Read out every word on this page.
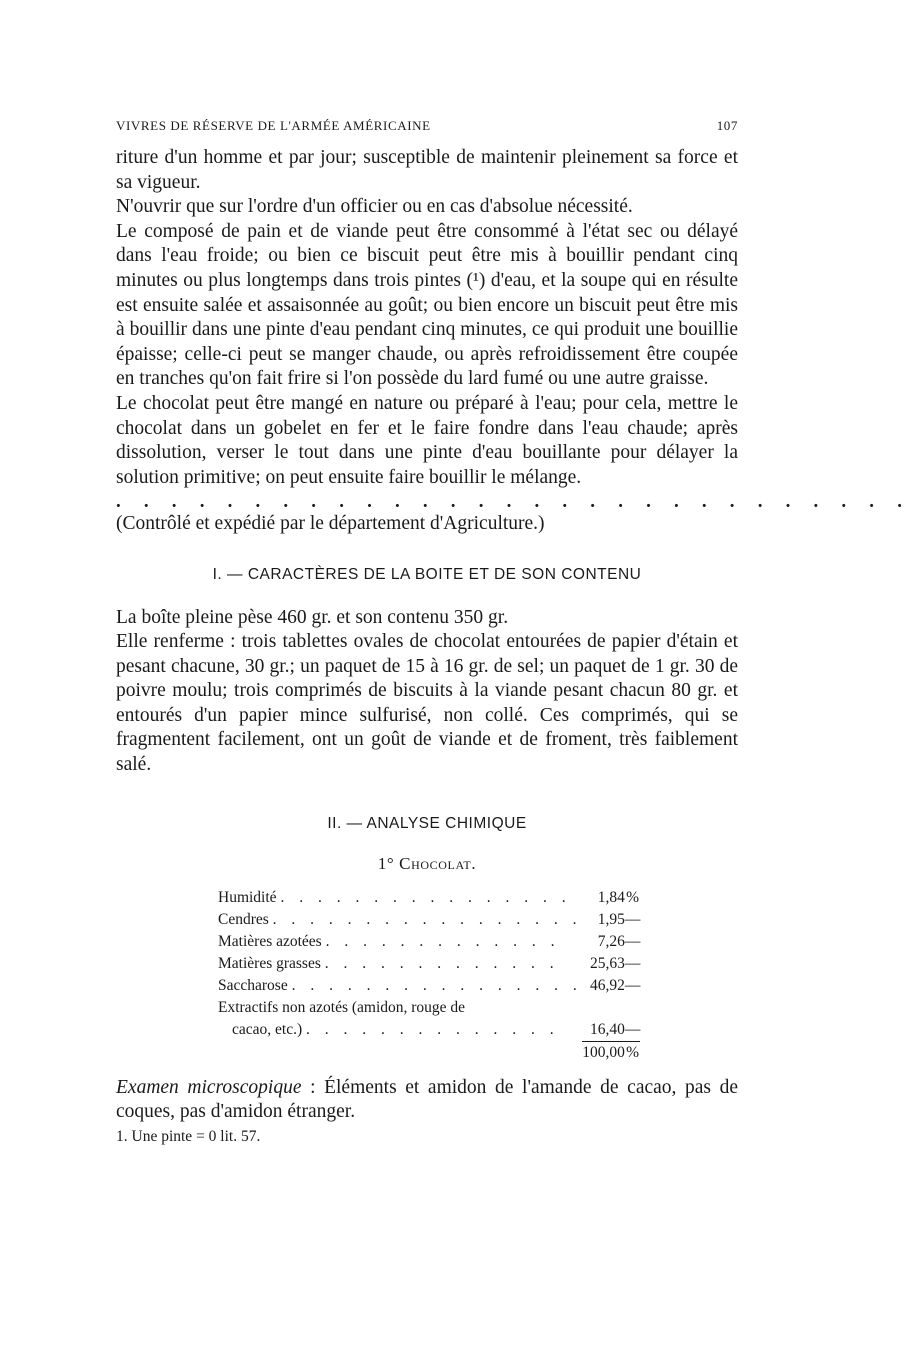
VIVRES DE RÉSERVE DE L'ARMÉE AMÉRICAINE	107

riture d'un homme et par jour; susceptible de maintenir pleinement sa force et sa vigueur.

N'ouvrir que sur l'ordre d'un officier ou en cas d'absolue nécessité.

Le composé de pain et de viande peut être consommé à l'état sec ou délayé dans l'eau froide; ou bien ce biscuit peut être mis à bouillir pendant cinq minutes ou plus longtemps dans trois pintes (¹) d'eau, et la soupe qui en résulte est ensuite salée et assaisonnée au goût; ou bien encore un biscuit peut être mis à bouillir dans une pinte d'eau pendant cinq minutes, ce qui produit une bouillie épaisse; celle-ci peut se manger chaude, ou après refroidissement être coupée en tranches qu'on fait frire si l'on possède du lard fumé ou une autre graisse.

Le chocolat peut être mangé en nature ou préparé à l'eau; pour cela, mettre le chocolat dans un gobelet en fer et le faire fondre dans l'eau chaude; après dissolution, verser le tout dans une pinte d'eau bouillante pour délayer la solution primitive; on peut ensuite faire bouillir le mélange.

. . . . . . . . . . . . . . . . . . . . . . . . . . . . .

(Contrôlé et expédié par le département d'Agriculture.)

I. — CARACTÈRES DE LA BOITE ET DE SON CONTENU

La boîte pleine pèse 460 gr. et son contenu 350 gr.

Elle renferme : trois tablettes ovales de chocolat entourées de papier d'étain et pesant chacune, 30 gr.; un paquet de 15 à 16 gr. de sel; un paquet de 1 gr. 30 de poivre moulu; trois comprimés de biscuits à la viande pesant chacun 80 gr. et entourés d'un papier mince sulfurisé, non collé. Ces comprimés, qui se fragmentent facilement, ont un goût de viande et de froment, très faiblement salé.

II. — ANALYSE CHIMIQUE

1° Chocolat.

Humidité . . . . . . . . . . . . . . . .	1,84	%
Cendres . . . . . . . . . . . . . . . . .	1,95	—
Matières azotées . . . . . . . . . . . . .	7,26	—
Matières grasses . . . . . . . . . . . . .	25,63	—
Saccharose . . . . . . . . . . . . . . . .	46,92	—
Extractifs non azotés (amidon, rouge de		
cacao, etc.) . . . . . . . . . . . . . .	16,40	—
	100,00	%

Examen microscopique : Éléments et amidon de l'amande de cacao, pas de coques, pas d'amidon étranger.

1. Une pinte = 0 lit. 57.
